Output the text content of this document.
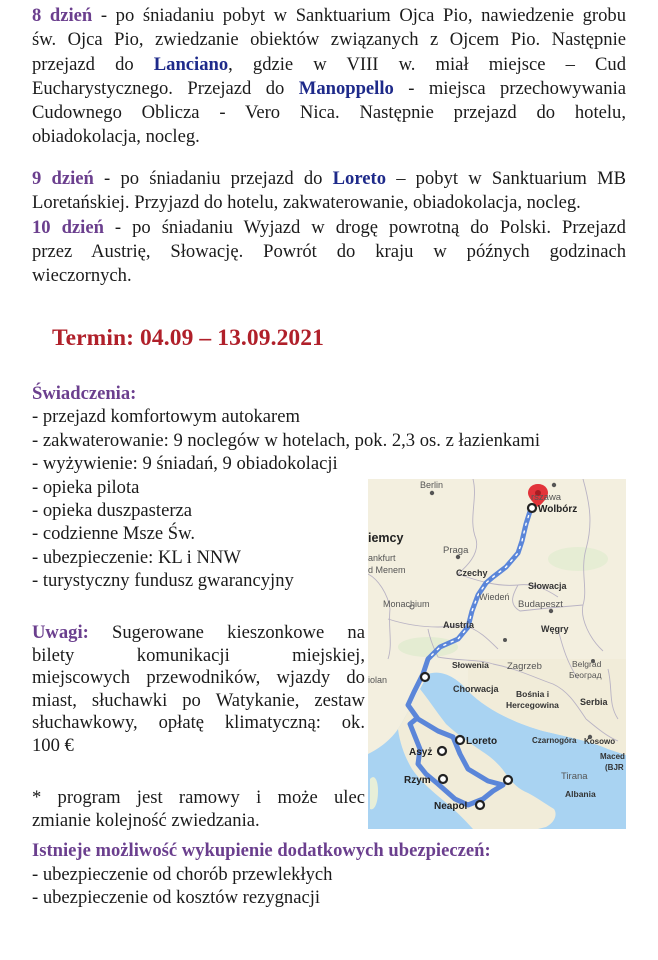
8 dzień - po śniadaniu pobyt w Sanktuarium Ojca Pio, nawiedzenie grobu
św. Ojca Pio, zwiedzanie obiektów związanych z Ojcem Pio. Następnie
przejazd do Lanciano, gdzie w VIII w. miał miejsce – Cud
Eucharystycznego. Przejazd do Manoppello - miejsca przechowywania
Cudownego Oblicza - Vero Nica. Następnie przejazd do hotelu,
obiadokolacja, nocleg.
9 dzień - po śniadaniu przejazd do Loreto – pobyt w Sanktuarium MB
Loretańskiej. Przyjazd do hotelu, zakwaterowanie, obiadokolacja, nocleg.
10 dzień - po śniadaniu Wyjazd w drogę powrotną do Polski. Przejazd
przez Austrię, Słowację. Powrót do kraju w późnych godzinach
wieczornych.
Termin: 04.09 – 13.09.2021
Świadczenia:
- przejazd komfortowym autokarem
- zakwaterowanie: 9 noclegów w hotelach, pok. 2,3 os. z łazienkami
- wyżywienie: 9 śniadań, 9 obiadokolacji
- opieka pilota
- opieka duszpasterza
- codzienne Msze Św.
- ubezpieczenie: KL i NNW
- turystyczny fundusz gwarancyjny
Uwagi: Sugerowane kieszonkowe na
bilety	komunikacji	miejskiej,
miejscowych przewodników, wjazdy do
miast, słuchawki po Watykanie, zestaw
słuchawkowy, opłatę klimatyczną: ok.
100 €
* program jest ramowy i może ulec
zmianie kolejność zwiedzania.
Istnieje możliwość wykupienie dodatkowych ubezpieczeń:
- ubezpieczenie od chorób przewlekłych
- ubezpieczenie od kosztów rezygnacji
Berlin
rszawa
Wolbórz
iemcy
ankfurt
d Menem
Praga
Czechy
Słowacja
Wiedeń
Monachium
Austria
Budapeszt
Węgry
Słowenia Zagrzeb	Belgrad
Београд
iolan
Chorwacja Bośnia i
Hercegowina Serbia
Loreto	Czarnogóra Kosowo
Maced
(BJR
Asyż
Rzym	Tirana
Albania
Neapol
